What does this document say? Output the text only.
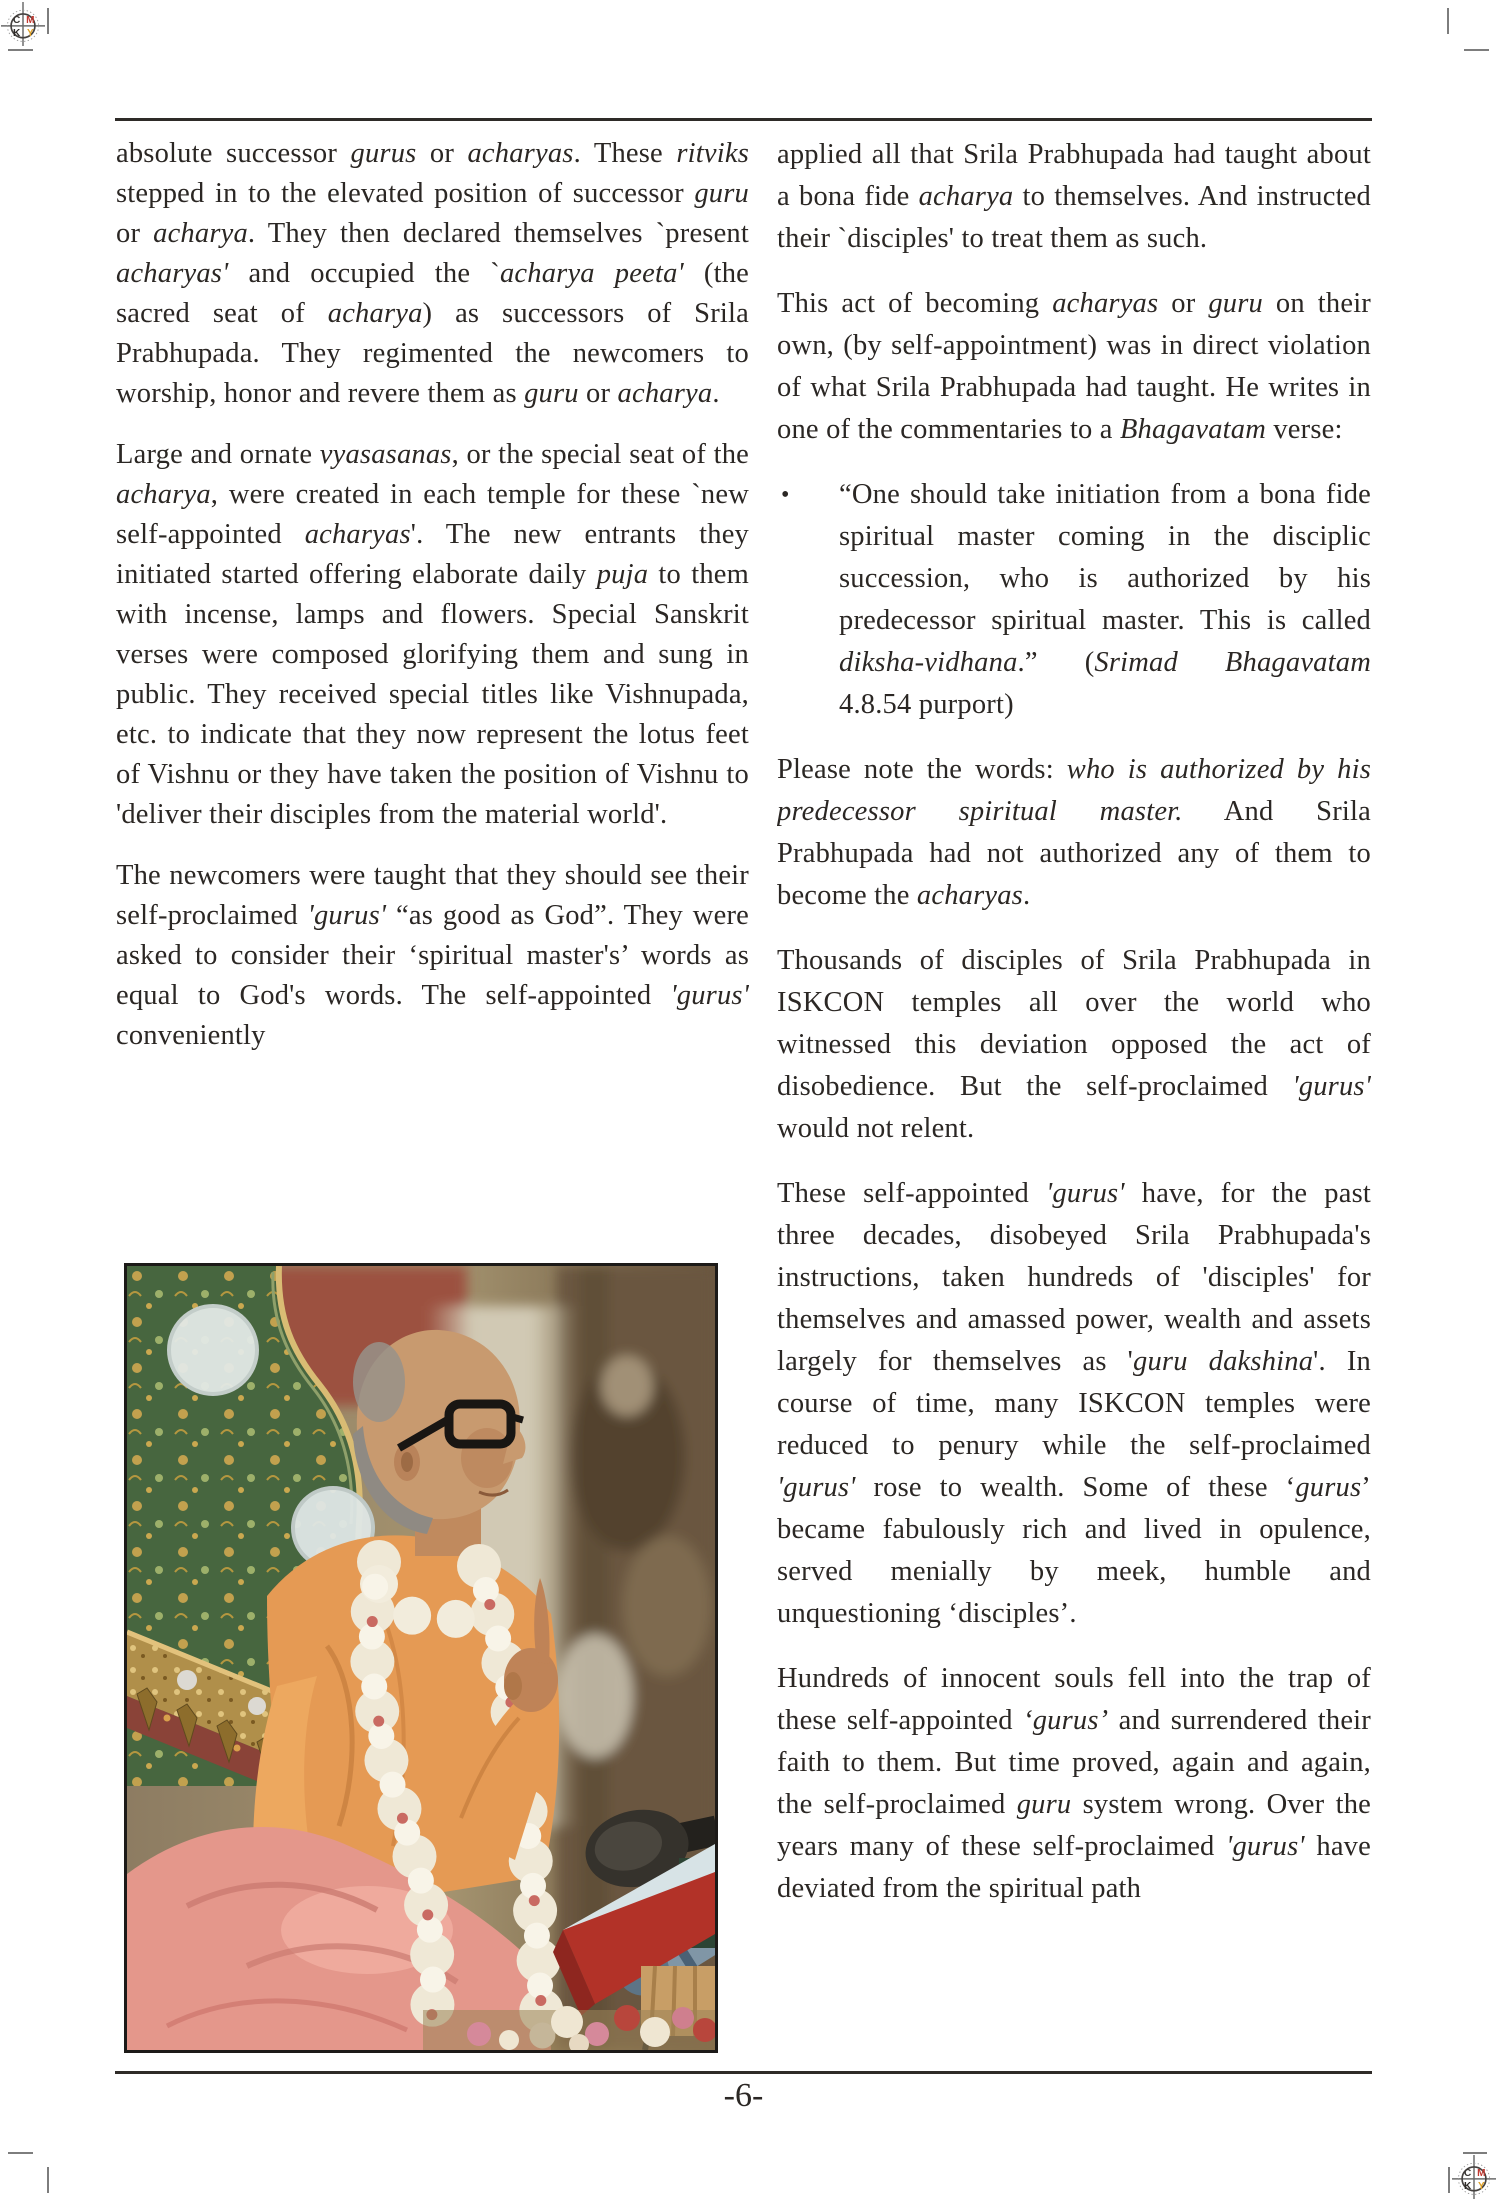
C M
K Y
C M
K Y

absolute successor gurus or acharyas. These ritviks stepped in to the elevated position of successor guru or acharya. They then declared themselves `present acharyas' and occupied the `acharya peeta' (the sacred seat of acharya) as successors of Srila Prabhupada. They regimented the newcomers to worship, honor and revere them as guru or acharya.

Large and ornate vyasasanas, or the special seat of the acharya, were created in each temple for these `new self-appointed acharyas'. The new entrants they initiated started offering elaborate daily puja to them with incense, lamps and flowers. Special Sanskrit verses were composed glorifying them and sung in public. They received special titles like Vishnupada, etc. to indicate that they now represent the lotus feet of Vishnu or they have taken the position of Vishnu to 'deliver their disciples from the material world'.

The newcomers were taught that they should see their self-proclaimed 'gurus' “as good as God”. They were asked to consider their ‘spiritual master's’ words as equal to God's words. The self-appointed 'gurus' conveniently

applied all that Srila Prabhupada had taught about a bona fide acharya to themselves. And instructed their `disciples' to treat them as such.

This act of becoming acharyas or guru on their own, (by self-appointment) was in direct violation of what Srila Prabhupada had taught. He writes in one of the commentaries to a Bhagavatam verse:

• “One should take initiation from a bona fide spiritual master coming in the disciplic succession, who is authorized by his predecessor spiritual master. This is called diksha-vidhana.” (Srimad Bhagavatam 4.8.54 purport)

Please note the words: who is authorized by his predecessor spiritual master. And Srila Prabhupada had not authorized any of them to become the acharyas.

Thousands of disciples of Srila Prabhupada in ISKCON temples all over the world who witnessed this deviation opposed the act of disobedience. But the self-proclaimed 'gurus' would not relent.

These self-appointed 'gurus' have, for the past three decades, disobeyed Srila Prabhupada's instructions, taken hundreds of 'disciples' for themselves and amassed power, wealth and assets largely for themselves as 'guru dakshina'. In course of time, many ISKCON temples were reduced to penury while the self-proclaimed 'gurus' rose to wealth. Some of these ‘gurus’ became fabulously rich and lived in opulence, served menially by meek, humble and unquestioning ‘disciples’.

Hundreds of innocent souls fell into the trap of these self-appointed ‘gurus’ and surrendered their faith to them. But time proved, again and again, the self-proclaimed guru system wrong. Over the years many of these self-proclaimed 'gurus' have deviated from the spiritual path

-6-
